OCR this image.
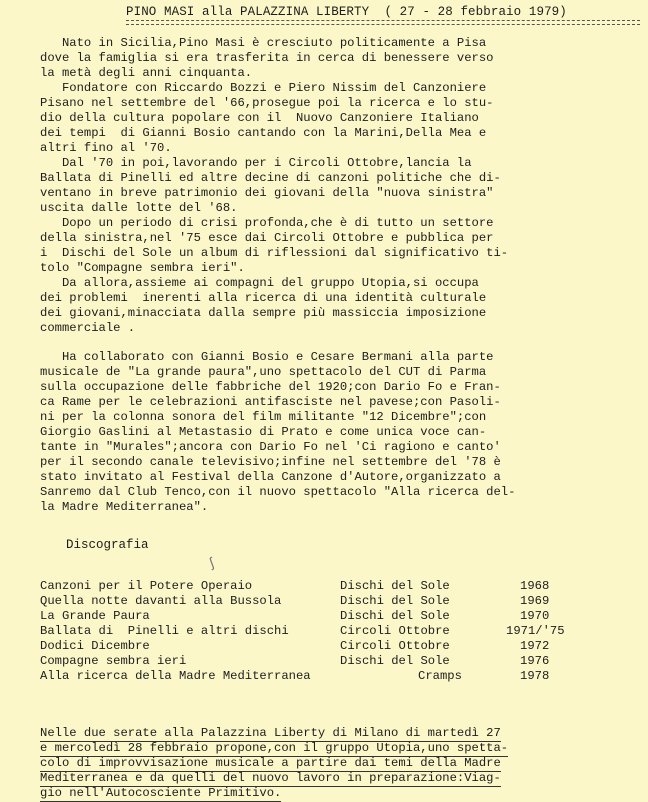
PINO MASI alla PALAZZINA LIBERTY  ( 27 - 28 febbraio 1979)
Nato in Sicilia,Pino Masi è cresciuto politicamente a Pisa
dove la famiglia si era trasferita in cerca di benessere verso
la metà degli anni cinquanta.
Fondatore con Riccardo Bozzi e Piero Nissim del Canzoniere
Pisano nel settembre del '66,prosegue poi la ricerca e lo stu-
dio della cultura popolare con il  Nuovo Canzoniere Italiano
dei tempi  di Gianni Bosio cantando con la Marini,Della Mea e
altri fino al '70.
Dal '70 in poi,lavorando per i Circoli Ottobre,lancia la
Ballata di Pinelli ed altre decine di canzoni politiche che di-
ventano in breve patrimonio dei giovani della "nuova sinistra"
uscita dalle lotte del '68.
Dopo un periodo di crisi profonda,che è di tutto un settore
della sinistra,nel '75 esce dai Circoli Ottobre e pubblica per
i  Dischi del Sole un album di riflessioni dal significativo ti-
tolo "Compagne sembra ieri".
Da allora,assieme ai compagni del gruppo Utopia,si occupa
dei problemi  inerenti alla ricerca di una identità culturale
dei giovani,minacciata dalla sempre più massiccia imposizione
commerciale .
Ha collaborato con Gianni Bosio e Cesare Bermani alla parte
musicale de "La grande paura",uno spettacolo del CUT di Parma
sulla occupazione delle fabbriche del 1920;con Dario Fo e Fran-
ca Rame per le celebrazioni antifasciste nel pavese;con Pasoli-
ni per la colonna sonora del film militante "12 Dicembre";con
Giorgio Gaslini al Metastasio di Prato e come unica voce can-
tante in "Murales";ancora con Dario Fo nel 'Ci ragiono e canto'
per il secondo canale televisivo;infine nel settembre del '78 è
stato invitato al Festival della Canzone d'Autore,organizzato a
Sanremo dal Club Tenco,con il nuovo spettacolo "Alla ricerca del-
la Madre Mediterranea".
Discografia
ʃ
Canzoni per il Potere Operaio	Dischi del Sole	1968
Quella notte davanti alla Bussola	Dischi del Sole	1969
La Grande Paura	Dischi del Sole	1970
Ballata di  Pinelli e altri dischi	Circoli Ottobre	1971/'75
Dodici Dicembre	Circoli Ottobre	1972
Compagne sembra ieri	Dischi del Sole	1976
Alla ricerca della Madre Mediterranea	Cramps	1978
Nelle due serate alla Palazzina Liberty di Milano di martedì 27
e mercoledì 28 febbraio propone,con il gruppo Utopia,uno spetta-
colo di improvvisazione musicale a partire dai temi della Madre
Mediterranea e da quelli del nuovo lavoro in preparazione:Viag-
gio nell'Autocosciente Primitivo.
